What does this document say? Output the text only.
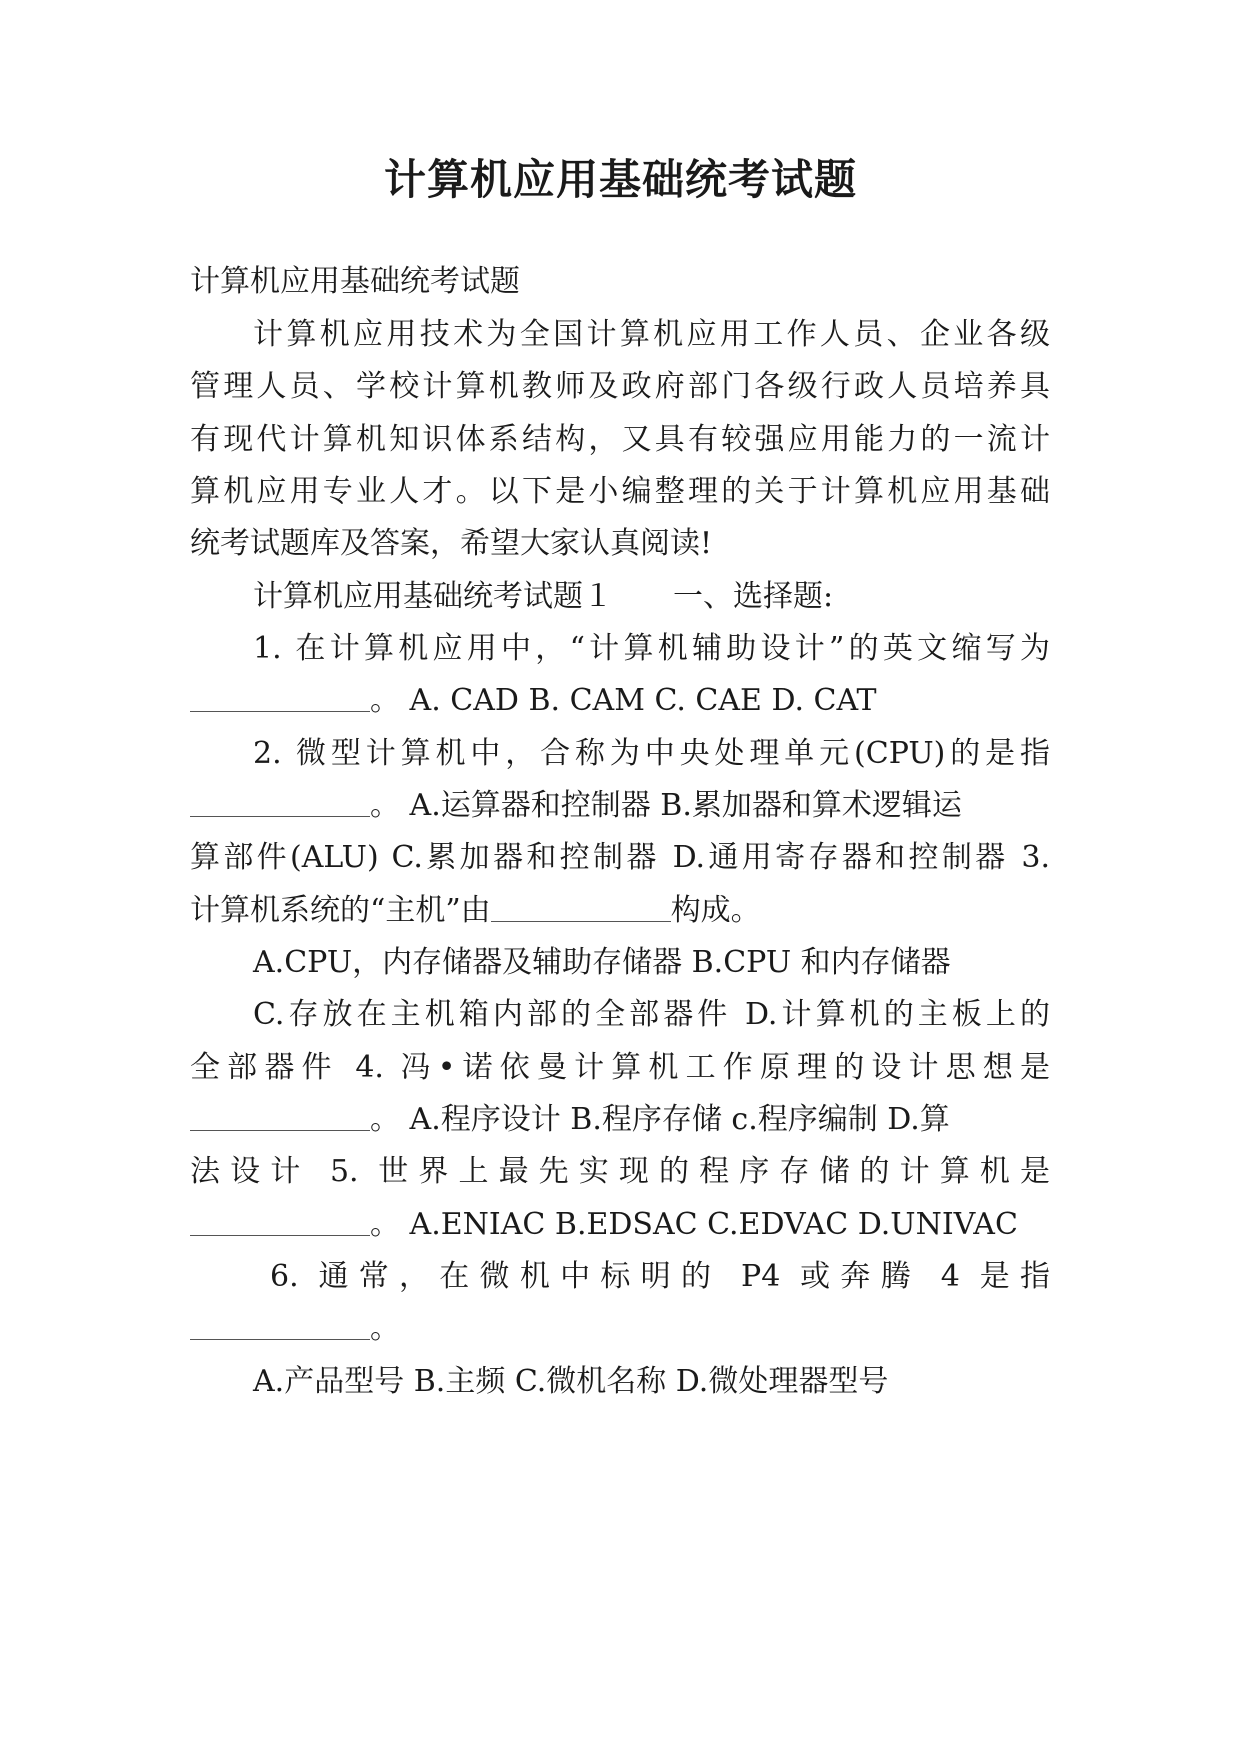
计算机应用基础统考试题
计算机应用基础统考试题
计算机应用技术为全国计算机应用工作人员、企业各级
管理人员、学校计算机教师及政府部门各级行政人员培养具
有现代计算机知识体系结构，又具有较强应用能力的一流计
算机应用专业人才。以下是小编整理的关于计算机应用基础
统考试题库及答案，希望大家认真阅读!
计算机应用基础统考试题１　　一、选择题:
1. 在计算机应用中，“计算机辅助设计”的英文缩写为
。 A. CAD B. CAM C. CAE D. CAT
2. 微型计算机中，合称为中央处理单元(CPU)的是指
。 A.运算器和控制器 B.累加器和算术逻辑运
算部件(ALU) C.累加器和控制器 D.通用寄存器和控制器 3.
计算机系统的“主机”由	构成。
A.CPU，内存储器及辅助存储器 B.CPU 和内存储器
C.存放在主机箱内部的全部器件 D.计算机的主板上的
全部器件 4. 冯•诺依曼计算机工作原理的设计思想是
。 A.程序设计 B.程序存储 c.程序编制 D.算
法设计 5. 世界上最先实现的程序存储的计算机是
。 A.ENIAC B.EDSAC C.EDVAC D.UNIVAC
6. 通常，在微机中标明的 P4 或奔腾 4 是指
。
A.产品型号 B.主频 C.微机名称 D.微处理器型号
